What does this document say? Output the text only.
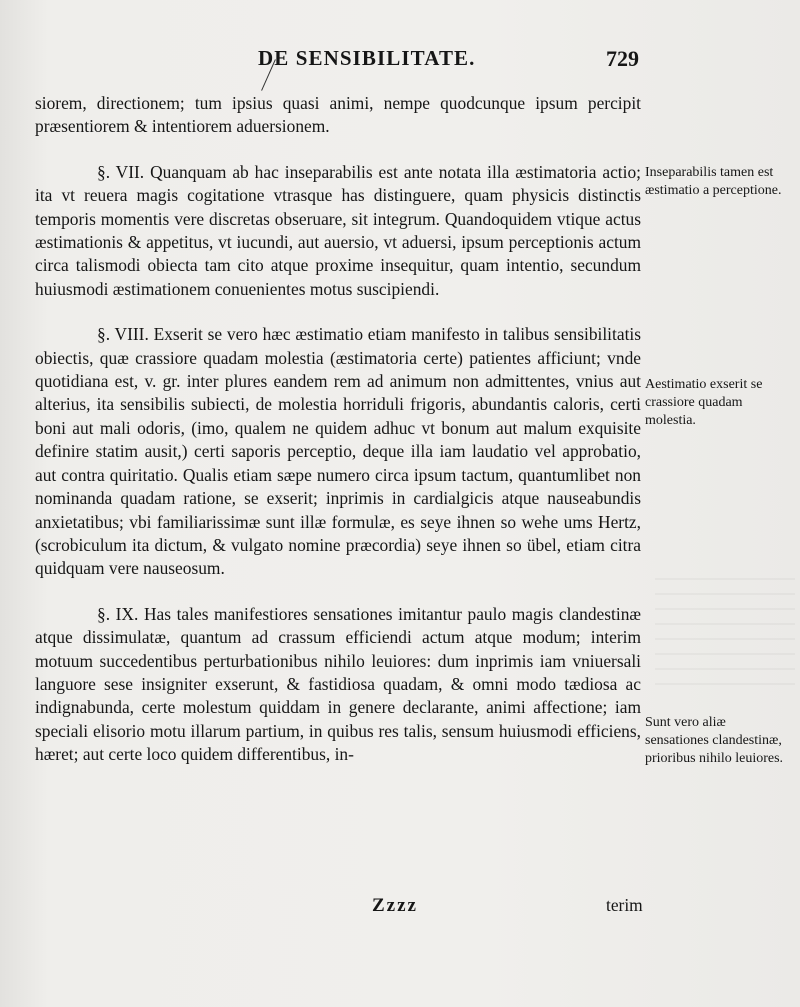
DE SENSIBILITATE.	729

siorem, directionem; tum ipsius quasi animi, nempe quodcunque ipsum percipit præsentiorem & intentiorem aduersionem.

§. VII. Quanquam ab hac inseparabilis est ante notata illa æstimatoria actio; ita vt reuera magis cogitatione vtrasque has distinguere, quam physicis distinctis temporis momentis vere discretas obseruare, sit integrum. Quandoquidem vtique actus æstimationis & appetitus, vt iucundi, aut auersio, vt aduersi, ipsum perceptionis actum circa talismodi obiecta tam cito atque proxime insequitur, quam intentio, secundum huiusmodi æstimationem conuenientes motus suscipiendi.

§. VIII. Exserit se vero hæc æstimatio etiam manifesto in talibus sensibilitatis obiectis, quæ crassiore quadam molestia (æstimatoria certe) patientes afficiunt; vnde quotidiana est, v. gr. inter plures eandem rem ad animum non admittentes, vnius aut alterius, ita sensibilis subiecti, de molestia horriduli frigoris, abundantis caloris, certi boni aut mali odoris, (imo, qualem ne quidem adhuc vt bonum aut malum exquisite definire statim ausit,) certi saporis perceptio, deque illa iam laudatio vel approbatio, aut contra quiritatio. Qualis etiam sæpe numero circa ipsum tactum, quantumlibet non nominanda quadam ratione, se exserit; inprimis in cardialgicis atque nauseabundis anxietatibus; vbi familiarissimæ sunt illæ formulæ, es seye ihnen so wehe ums Hertz, (scrobiculum ita dictum, & vulgato nomine præcordia) seye ihnen so übel, etiam citra quidquam vere nauseosum.

§. IX. Has tales manifestiores sensationes imitantur paulo magis clandestinæ atque dissimulatæ, quantum ad crassum efficiendi actum atque modum; interim motuum succedentibus perturbationibus nihilo leuiores: dum inprimis iam vniuersali languore sese insigniter exserunt, & fastidiosa quadam, & omni modo tædiosa ac indignabunda, certe molestum quiddam in genere declarante, animi affectione; iam speciali elisorio motu illarum partium, in quibus res talis, sensum huiusmodi efficiens, hæret; aut certe loco quidem differentibus, in-

Inseparabilis tamen est æstimatio a perceptione.
Aestimatio exserit se crassiore quadam molestia.
Sunt vero aliæ sensationes clandestinæ, prioribus nihilo leuiores.
Zzzz	terim
